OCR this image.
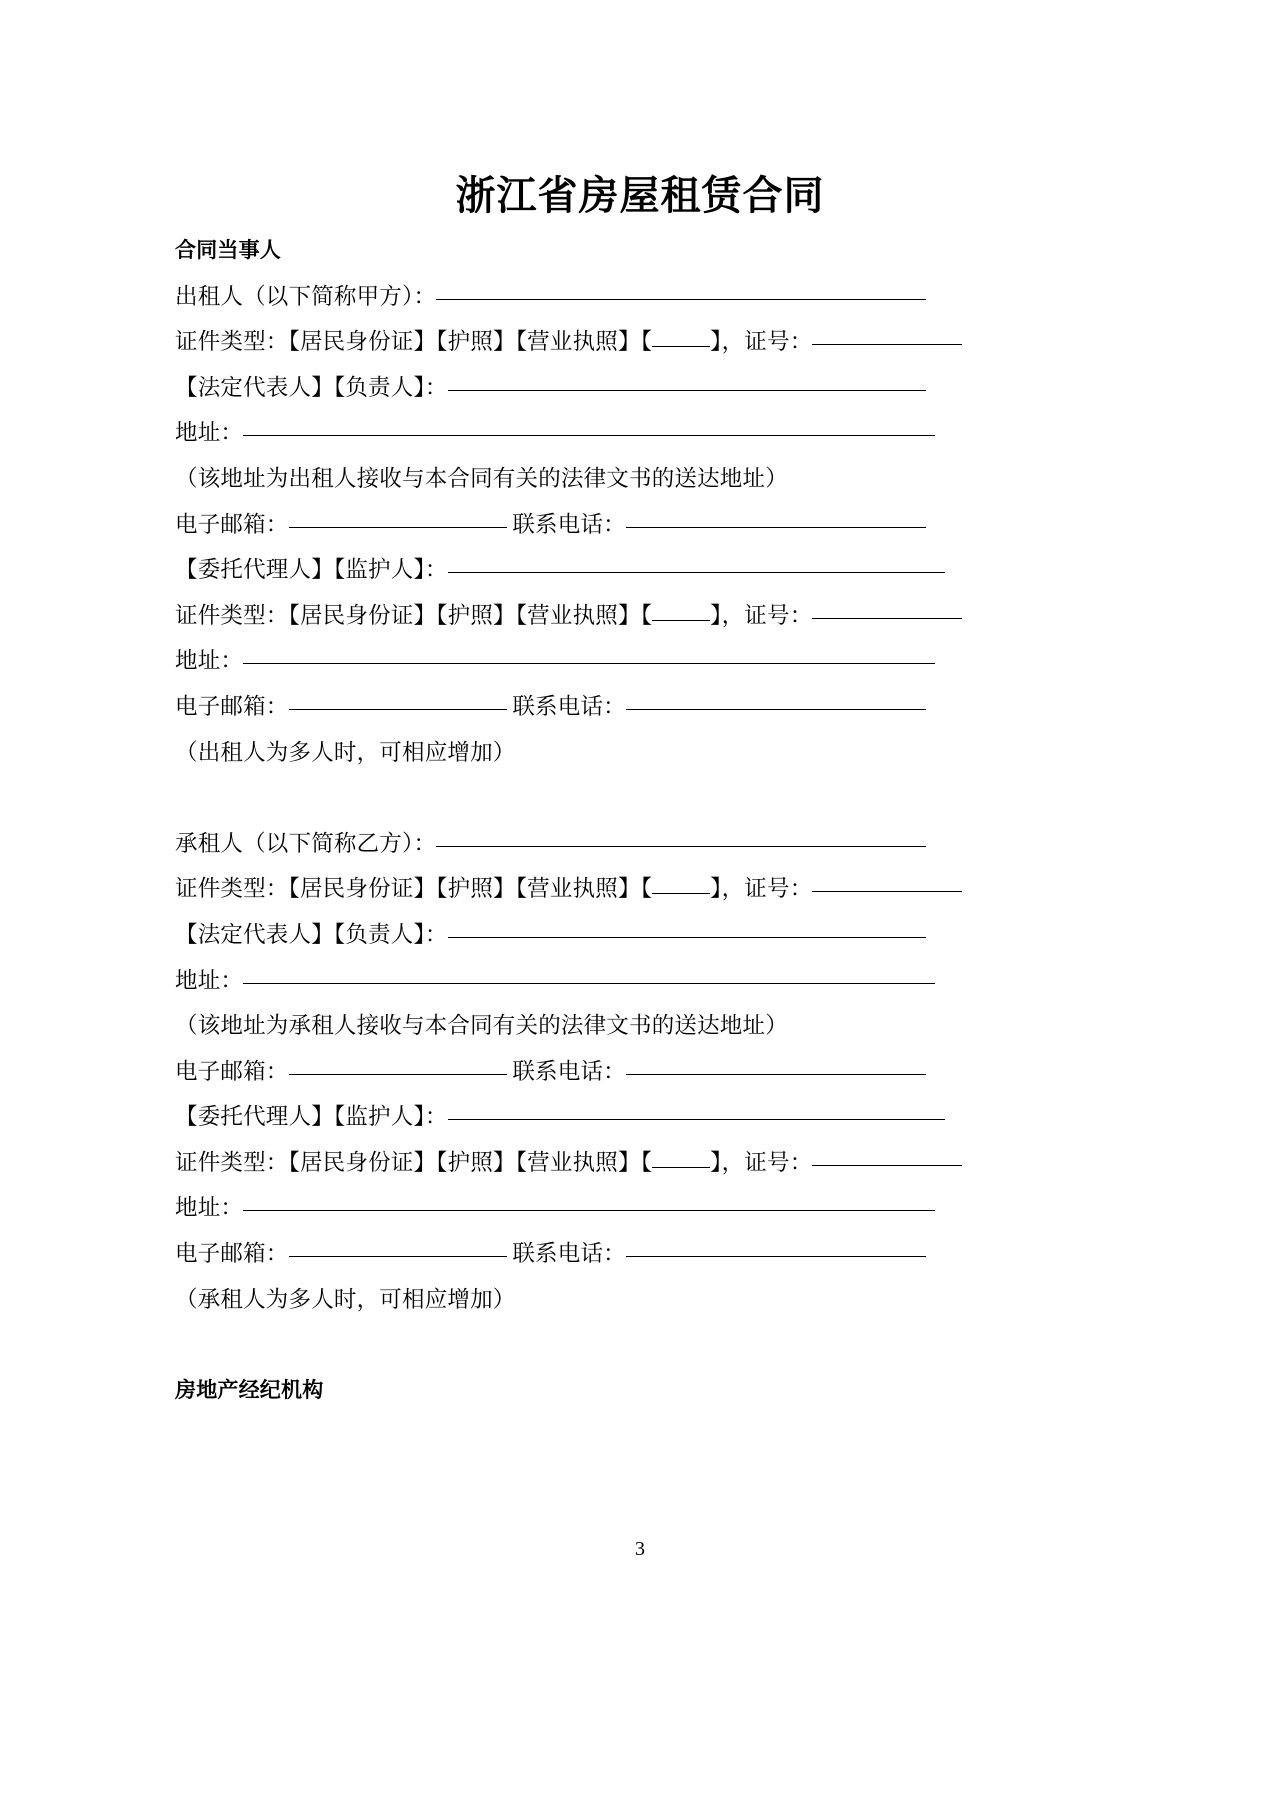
浙江省房屋租赁合同
合同当事人
出租人（以下简称甲方）：
证件类型：【居民身份证】【护照】【营业执照】【	】，证号：
【法定代表人】【负责人】：
地址：
（该地址为出租人接收与本合同有关的法律文书的送达地址）
电子邮箱：	联系电话：
【委托代理人】【监护人】：
证件类型：【居民身份证】【护照】【营业执照】【	】，证号：
地址：
电子邮箱：	联系电话：
（出租人为多人时，可相应增加）

承租人（以下简称乙方）：
证件类型：【居民身份证】【护照】【营业执照】【	】，证号：
【法定代表人】【负责人】：
地址：
（该地址为承租人接收与本合同有关的法律文书的送达地址）
电子邮箱：	联系电话：
【委托代理人】【监护人】：
证件类型：【居民身份证】【护照】【营业执照】【	】，证号：
地址：
电子邮箱：	联系电话：
（承租人为多人时，可相应增加）

房地产经纪机构
3
